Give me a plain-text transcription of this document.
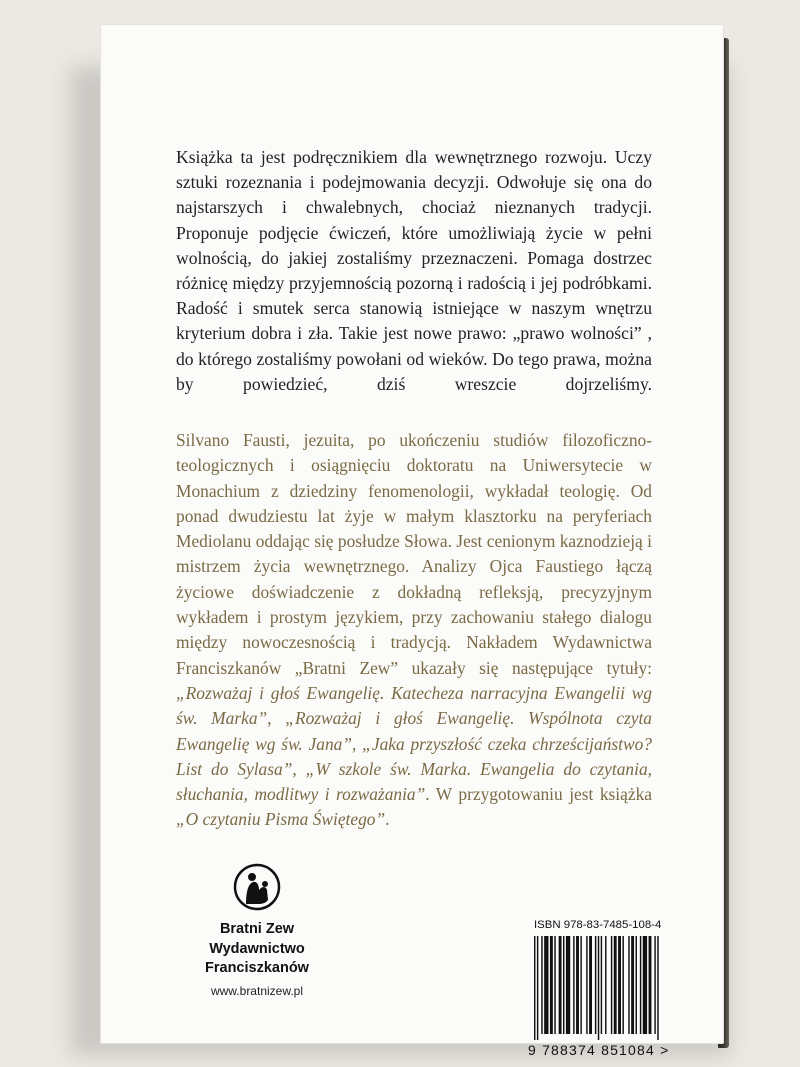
Książka ta jest podręcznikiem dla wewnętrznego rozwoju. Uczy sztuki rozeznania i podejmowania decyzji. Odwołuje się ona do najstarszych i chwalebnych, chociaż nieznanych tradycji. Proponuje podjęcie ćwiczeń, które umożliwiają życie w pełni wolnością, do jakiej zostaliśmy przeznaczeni. Pomaga dostrzec różnicę między przyjemnością pozorną i radością i jej podróbkami. Radość i smutek serca stanowią istniejące w naszym wnętrzu kryterium dobra i zła. Takie jest nowe prawo: „prawo wolności” , do którego zostaliśmy powołani od wieków. Do tego prawa, można by powiedzieć, dziś wreszcie dojrzeliśmy.

Silvano Fausti, jezuita, po ukończeniu studiów filozoficzno-teologicznych i osiągnięciu doktoratu na Uniwersytecie w Monachium z dziedziny fenomenologii, wykładał teologię. Od ponad dwudziestu lat żyje w małym klasztorku na peryferiach Mediolanu oddając się posłudze Słowa. Jest cenionym kaznodzieją i mistrzem życia wewnętrznego. Analizy Ojca Faustiego łączą życiowe doświadczenie z dokładną refleksją, precyzyjnym wykładem i prostym językiem, przy zachowaniu stałego dialogu między nowoczesnością i tradycją. Nakładem Wydawnictwa Franciszkanów „Bratni Zew” ukazały się następujące tytuły: „Rozważaj i głoś Ewangelię. Katecheza narracyjna Ewangelii wg św. Marka”, „Rozważaj i głoś Ewangelię. Wspólnota czyta Ewangelię wg św. Jana”, „Jaka przyszłość czeka chrześcijaństwo? List do Sylasa”, „W szkole św. Marka. Ewangelia do czytania, słuchania, modlitwy i rozważania”. W przygotowaniu jest książka „O czytaniu Pisma Świętego”.

Bratni Zew
Wydawnictwo
Franciszkanów
www.bratnizew.pl
ISBN 978-83-7485-108-4
9 788374 851084 >
